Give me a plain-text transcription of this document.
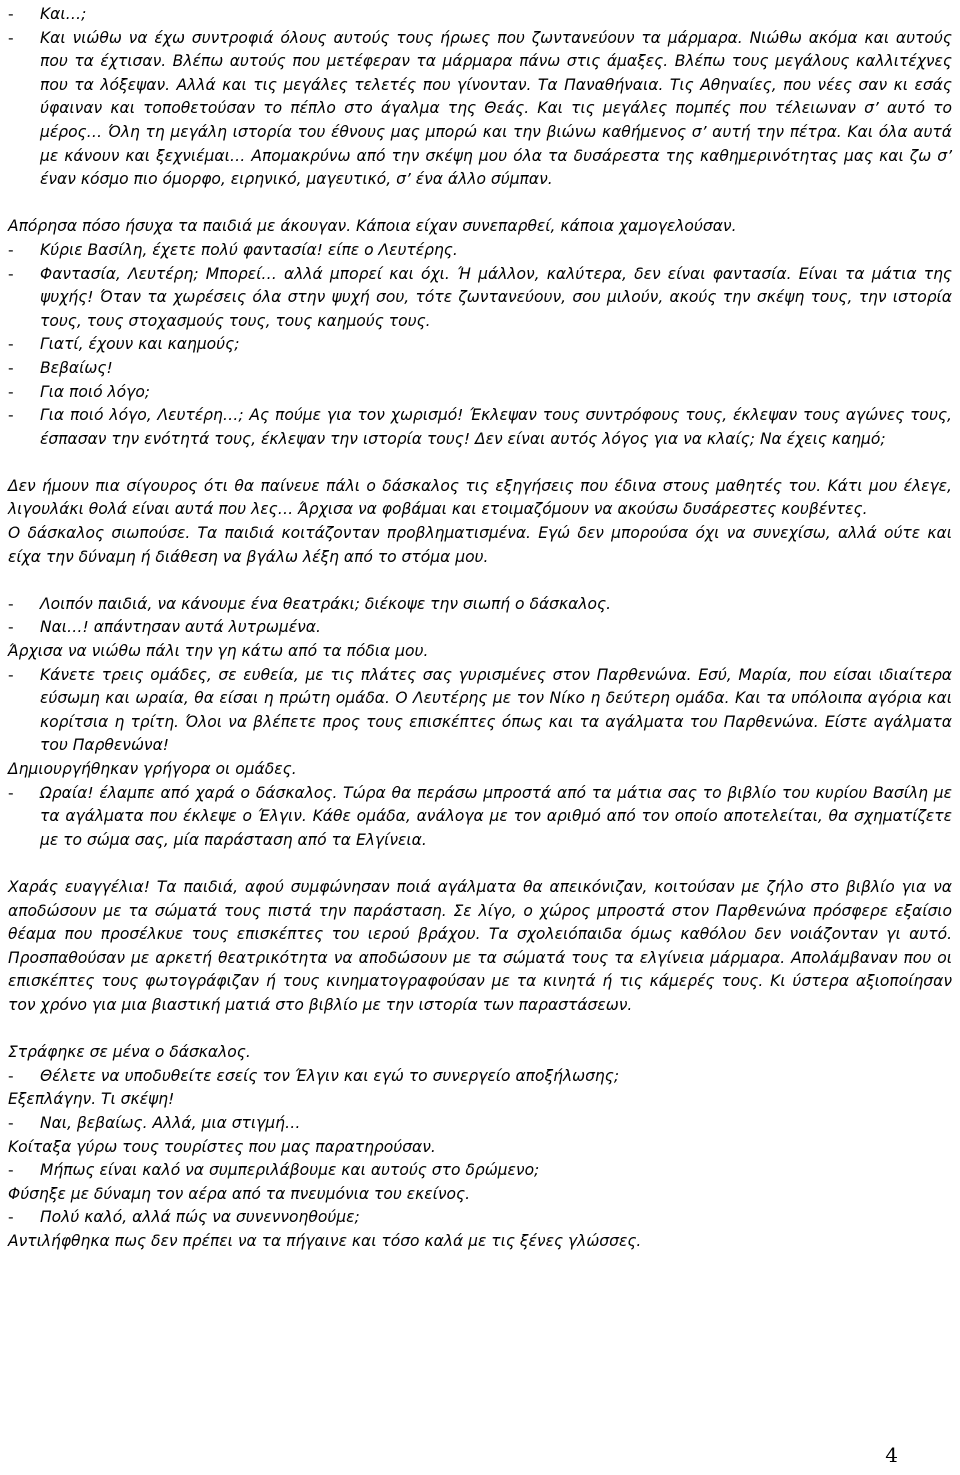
- Και…;
- Και νιώθω να έχω συντροφιά όλους αυτούς τους ήρωες που ζωντανεύουν τα μάρμαρα. Νιώθω ακόμα και αυτούς που τα έχτισαν. Βλέπω αυτούς που μετέφεραν τα μάρμαρα πάνω στις άμαξες. Βλέπω τους μεγάλους καλλιτέχνες που τα λόξεψαν. Αλλά και τις μεγάλες τελετές που γίνονταν. Τα Παναθήναια. Τις Αθηναίες, που νέες σαν κι εσάς ύφαιναν και τοποθετούσαν το πέπλο στο άγαλμα της Θεάς. Και τις μεγάλες πομπές που τέλειωναν σ’ αυτό το μέρος… Όλη τη μεγάλη ιστορία του έθνους μας μπορώ και την βιώνω καθήμενος σ’ αυτή την πέτρα. Και όλα αυτά με κάνουν και ξεχνιέμαι… Απομακρύνω από την σκέψη μου όλα τα δυσάρεστα της καθημερινότητας μας και ζω σ’ έναν κόσμο πιο όμορφο, ειρηνικό, μαγευτικό, σ’ ένα άλλο σύμπαν.
Απόρησα πόσο ήσυχα τα παιδιά με άκουγαν. Κάποια είχαν συνεπαρθεί, κάποια χαμογελούσαν.
- Κύριε Βασίλη, έχετε πολύ φαντασία! είπε ο Λευτέρης.
- Φαντασία, Λευτέρη; Μπορεί… αλλά μπορεί και όχι. Ή μάλλον, καλύτερα, δεν είναι φαντασία. Είναι τα μάτια της ψυχής! Όταν τα χωρέσεις όλα στην ψυχή σου, τότε ζωντανεύουν, σου μιλούν, ακούς την σκέψη τους, την ιστορία τους, τους στοχασμούς τους, τους καημούς τους.
- Γιατί, έχουν και καημούς;
- Βεβαίως!
- Για ποιό λόγο;
- Για ποιό λόγο, Λευτέρη…; Ας πούμε για τον χωρισμό! Έκλεψαν τους συντρόφους τους, έκλεψαν τους αγώνες τους, έσπασαν την ενότητά τους, έκλεψαν την ιστορία τους! Δεν είναι αυτός λόγος για να κλαίς; Να έχεις καημό;
Δεν ήμουν πια σίγουρος ότι θα παίνευε πάλι ο δάσκαλος τις εξηγήσεις που έδινα στους μαθητές του. Κάτι μου έλεγε, λιγουλάκι θολά είναι αυτά που λες… Άρχισα να φοβάμαι και ετοιμαζόμουν να ακούσω δυσάρεστες κουβέντες.
Ο δάσκαλος σιωπούσε. Τα παιδιά κοιτάζονταν προβληματισμένα. Εγώ δεν μπορούσα όχι να συνεχίσω, αλλά ούτε και είχα την δύναμη ή διάθεση να βγάλω λέξη από το στόμα μου.
- Λοιπόν παιδιά, να κάνουμε ένα θεατράκι; διέκοψε την σιωπή ο δάσκαλος.
- Ναι…! απάντησαν αυτά λυτρωμένα.
Άρχισα να νιώθω πάλι την γη κάτω από τα πόδια μου.
- Κάνετε τρεις ομάδες, σε ευθεία, με τις πλάτες σας γυρισμένες στον Παρθενώνα. Εσύ, Μαρία, που είσαι ιδιαίτερα εύσωμη και ωραία, θα είσαι η πρώτη ομάδα. Ο Λευτέρης με τον Νίκο η δεύτερη ομάδα. Και τα υπόλοιπα αγόρια και κορίτσια η τρίτη. Όλοι να βλέπετε προς τους επισκέπτες όπως και τα αγάλματα του Παρθενώνα. Είστε αγάλματα του Παρθενώνα!
Δημιουργήθηκαν γρήγορα οι ομάδες.
- Ωραία! έλαμπε από χαρά ο δάσκαλος. Τώρα θα περάσω μπροστά από τα μάτια σας το βιβλίο του κυρίου Βασίλη με τα αγάλματα που έκλεψε ο Έλγιν. Κάθε ομάδα, ανάλογα με τον αριθμό από τον οποίο αποτελείται, θα σχηματίζετε με το σώμα σας, μία παράσταση από τα Ελγίνεια.
Χαράς ευαγγέλια! Τα παιδιά, αφού συμφώνησαν ποιά αγάλματα θα απεικόνιζαν, κοιτούσαν με ζήλο στο βιβλίο για να αποδώσουν με τα σώματά τους πιστά την παράσταση. Σε λίγο, ο χώρος μπροστά στον Παρθενώνα πρόσφερε εξαίσιο θέαμα που προσέλκυε τους επισκέπτες του ιερού βράχου. Τα σχολειόπαιδα όμως καθόλου δεν νοιάζονταν γι αυτό. Προσπαθούσαν με αρκετή θεατρικότητα να αποδώσουν με τα σώματά τους τα ελγίνεια μάρμαρα. Απολάμβαναν που οι επισκέπτες τους φωτογράφιζαν ή τους κινηματογραφούσαν με τα κινητά ή τις κάμερές τους. Κι ύστερα αξιοποίησαν τον χρόνο για μια βιαστική ματιά στο βιβλίο με την ιστορία των παραστάσεων.
Στράφηκε σε μένα ο δάσκαλος.
- Θέλετε να υποδυθείτε εσείς τον Έλγιν και εγώ το συνεργείο αποξήλωσης;
Εξεπλάγην. Τι σκέψη!
- Ναι, βεβαίως. Αλλά, μια στιγμή…
Κοίταξα γύρω τους τουρίστες που μας παρατηρούσαν.
- Μήπως είναι καλό να συμπεριλάβουμε και αυτούς στο δρώμενο;
Φύσηξε με δύναμη τον αέρα από τα πνευμόνια του εκείνος.
- Πολύ καλό, αλλά πώς να συνεννοηθούμε;
Αντιλήφθηκα πως δεν πρέπει να τα πήγαινε και τόσο καλά με τις ξένες γλώσσες.
4
